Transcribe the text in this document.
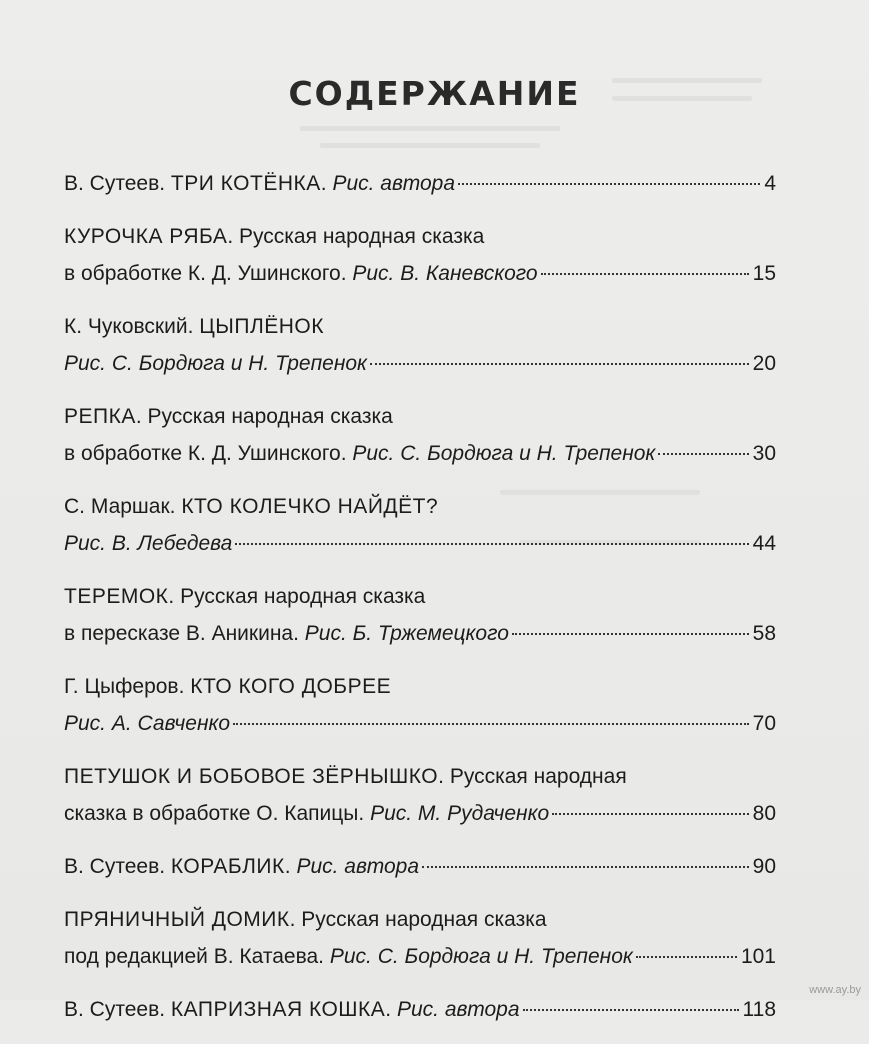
СОДЕРЖАНИЕ
В. Сутеев. ТРИ КОТЁНКА. Рис. автора	4
КУРОЧКА РЯБА. Русская народная сказка
в обработке К. Д. Ушинского. Рис. В. Каневского	15
К. Чуковский. ЦЫПЛЁНОК
Рис. С. Бордюга и Н. Трепенок	20
РЕПКА. Русская народная сказка
в обработке К. Д. Ушинского. Рис. С. Бордюга и Н. Трепенок	30
С. Маршак. КТО КОЛЕЧКО НАЙДЁТ?
Рис. В. Лебедева	44
ТЕРЕМОК. Русская народная сказка
в пересказе В. Аникина. Рис. Б. Тржемецкого	58
Г. Цыферов. КТО КОГО ДОБРЕЕ
Рис. А. Савченко	70
ПЕТУШОК И БОБОВОЕ ЗЁРНЫШКО. Русская народная
сказка в обработке О. Капицы. Рис. М. Рудаченко	80
В. Сутеев. КОРАБЛИК. Рис. автора	90
ПРЯНИЧНЫЙ ДОМИК. Русская народная сказка
под редакцией В. Катаева. Рис. С. Бордюга и Н. Трепенок	101
В. Сутеев. КАПРИЗНАЯ КОШКА. Рис. автора	118
www.ay.by
